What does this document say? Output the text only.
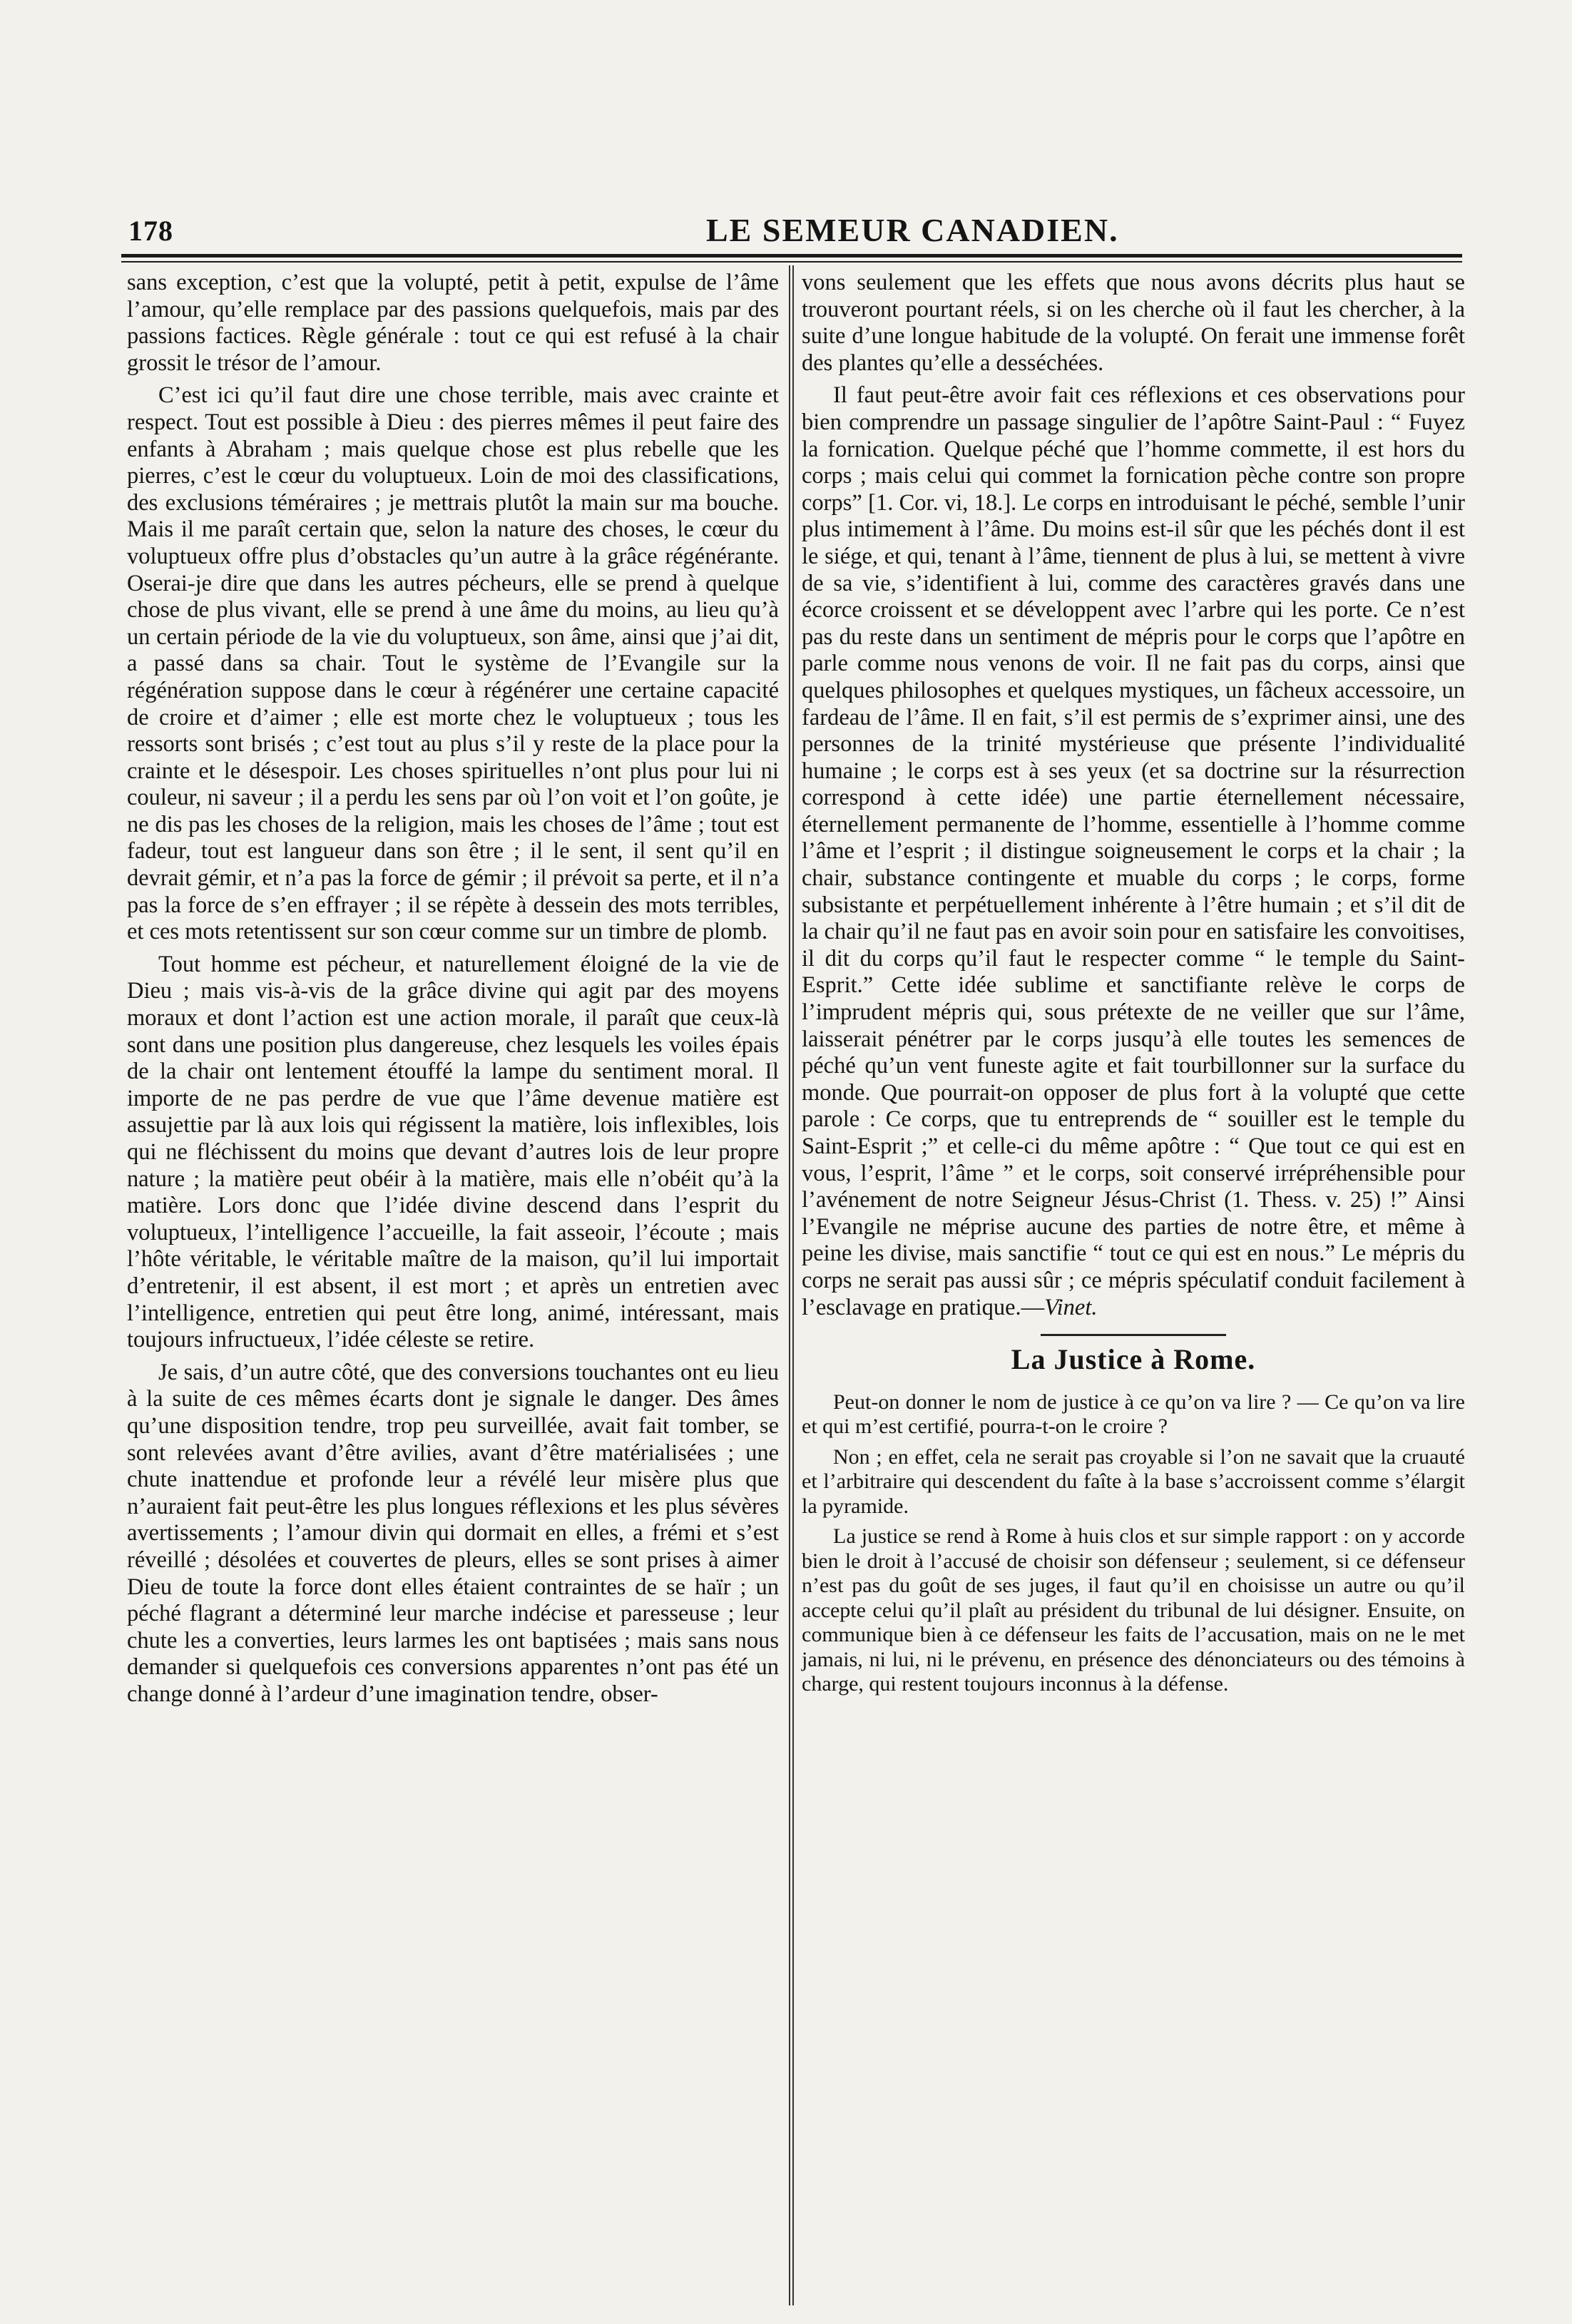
178	LE SEMEUR CANADIEN.

sans exception, c’est que la volupté, petit à petit, expulse de l’âme l’amour, qu’elle remplace par des passions quelquefois, mais par des passions factices. Règle générale : tout ce qui est refusé à la chair grossit le trésor de l’amour.

C’est ici qu’il faut dire une chose terrible, mais avec crainte et respect. Tout est possible à Dieu : des pierres mêmes il peut faire des enfants à Abraham ; mais quelque chose est plus rebelle que les pierres, c’est le cœur du voluptueux. Loin de moi des classifications, des exclusions téméraires ; je mettrais plutôt la main sur ma bouche. Mais il me paraît certain que, selon la nature des choses, le cœur du voluptueux offre plus d’obstacles qu’un autre à la grâce régénérante. Oserai-je dire que dans les autres pécheurs, elle se prend à quelque chose de plus vivant, elle se prend à une âme du moins, au lieu qu’à un certain période de la vie du voluptueux, son âme, ainsi que j’ai dit, a passé dans sa chair. Tout le système de l’Evangile sur la régénération suppose dans le cœur à régénérer une certaine capacité de croire et d’aimer ; elle est morte chez le voluptueux ; tous les ressorts sont brisés ; c’est tout au plus s’il y reste de la place pour la crainte et le désespoir. Les choses spirituelles n’ont plus pour lui ni couleur, ni saveur ; il a perdu les sens par où l’on voit et l’on goûte, je ne dis pas les choses de la religion, mais les choses de l’âme ; tout est fadeur, tout est langueur dans son être ; il le sent, il sent qu’il en devrait gémir, et n’a pas la force de gémir ; il prévoit sa perte, et il n’a pas la force de s’en effrayer ; il se répète à dessein des mots terribles, et ces mots retentissent sur son cœur comme sur un timbre de plomb.

Tout homme est pécheur, et naturellement éloigné de la vie de Dieu ; mais vis-à-vis de la grâce divine qui agit par des moyens moraux et dont l’action est une action morale, il paraît que ceux-là sont dans une position plus dangereuse, chez lesquels les voiles épais de la chair ont lentement étouffé la lampe du sentiment moral. Il importe de ne pas perdre de vue que l’âme devenue matière est assujettie par là aux lois qui régissent la matière, lois inflexibles, lois qui ne fléchissent du moins que devant d’autres lois de leur propre nature ; la matière peut obéir à la matière, mais elle n’obéit qu’à la matière. Lors donc que l’idée divine descend dans l’esprit du voluptueux, l’intelligence l’accueille, la fait asseoir, l’écoute ; mais l’hôte véritable, le véritable maître de la maison, qu’il lui importait d’entretenir, il est absent, il est mort ; et après un entretien avec l’intelligence, entretien qui peut être long, animé, intéressant, mais toujours infructueux, l’idée céleste se retire.

Je sais, d’un autre côté, que des conversions touchantes ont eu lieu à la suite de ces mêmes écarts dont je signale le danger. Des âmes qu’une disposition tendre, trop peu surveillée, avait fait tomber, se sont relevées avant d’être avilies, avant d’être matérialisées ; une chute inattendue et profonde leur a révélé leur misère plus que n’auraient fait peut-être les plus longues réflexions et les plus sévères avertissements ; l’amour divin qui dormait en elles, a frémi et s’est réveillé ; désolées et couvertes de pleurs, elles se sont prises à aimer Dieu de toute la force dont elles étaient contraintes de se haïr ; un péché flagrant a déterminé leur marche indécise et paresseuse ; leur chute les a converties, leurs larmes les ont baptisées ; mais sans nous demander si quelquefois ces conversions apparentes n’ont pas été un change donné à l’ardeur d’une imagination tendre, obser-

vons seulement que les effets que nous avons décrits plus haut se trouveront pourtant réels, si on les cherche où il faut les chercher, à la suite d’une longue habitude de la volupté. On ferait une immense forêt des plantes qu’elle a desséchées.

Il faut peut-être avoir fait ces réflexions et ces observations pour bien comprendre un passage singulier de l’apôtre Saint-Paul : “ Fuyez la fornication. Quelque péché que l’homme commette, il est hors du corps ; mais celui qui commet la fornication pèche contre son propre corps” [1. Cor. vi, 18.]. Le corps en introduisant le péché, semble l’unir plus intimement à l’âme. Du moins est-il sûr que les péchés dont il est le siége, et qui, tenant à l’âme, tiennent de plus à lui, se mettent à vivre de sa vie, s’identifient à lui, comme des caractères gravés dans une écorce croissent et se développent avec l’arbre qui les porte. Ce n’est pas du reste dans un sentiment de mépris pour le corps que l’apôtre en parle comme nous venons de voir. Il ne fait pas du corps, ainsi que quelques philosophes et quelques mystiques, un fâcheux accessoire, un fardeau de l’âme. Il en fait, s’il est permis de s’exprimer ainsi, une des personnes de la trinité mystérieuse que présente l’individualité humaine ; le corps est à ses yeux (et sa doctrine sur la résurrection correspond à cette idée) une partie éternellement nécessaire, éternellement permanente de l’homme, essentielle à l’homme comme l’âme et l’esprit ; il distingue soigneusement le corps et la chair ; la chair, substance contingente et muable du corps ; le corps, forme subsistante et perpétuellement inhérente à l’être humain ; et s’il dit de la chair qu’il ne faut pas en avoir soin pour en satisfaire les convoitises, il dit du corps qu’il faut le respecter comme “ le temple du Saint-Esprit.” Cette idée sublime et sanctifiante relève le corps de l’imprudent mépris qui, sous prétexte de ne veiller que sur l’âme, laisserait pénétrer par le corps jusqu’à elle toutes les semences de péché qu’un vent funeste agite et fait tourbillonner sur la surface du monde. Que pourrait-on opposer de plus fort à la volupté que cette parole : Ce corps, que tu entreprends de “ souiller est le temple du Saint-Esprit ;” et celle-ci du même apôtre : “ Que tout ce qui est en vous, l’esprit, l’âme ” et le corps, soit conservé irrépréhensible pour l’avénement de notre Seigneur Jésus-Christ (1. Thess. v. 25) !” Ainsi l’Evangile ne méprise aucune des parties de notre être, et même à peine les divise, mais sanctifie “ tout ce qui est en nous.” Le mépris du corps ne serait pas aussi sûr ; ce mépris spéculatif conduit facilement à l’esclavage en pratique.—Vinet.

La Justice à Rome.

Peut-on donner le nom de justice à ce qu’on va lire ? — Ce qu’on va lire et qui m’est certifié, pourra-t-on le croire ?

Non ; en effet, cela ne serait pas croyable si l’on ne savait que la cruauté et l’arbitraire qui descendent du faîte à la base s’accroissent comme s’élargit la pyramide.

La justice se rend à Rome à huis clos et sur simple rapport : on y accorde bien le droit à l’accusé de choisir son défenseur ; seulement, si ce défenseur n’est pas du goût de ses juges, il faut qu’il en choisisse un autre ou qu’il accepte celui qu’il plaît au président du tribunal de lui désigner. Ensuite, on communique bien à ce défenseur les faits de l’accusation, mais on ne le met jamais, ni lui, ni le prévenu, en présence des dénonciateurs ou des témoins à charge, qui restent toujours inconnus à la défense.
